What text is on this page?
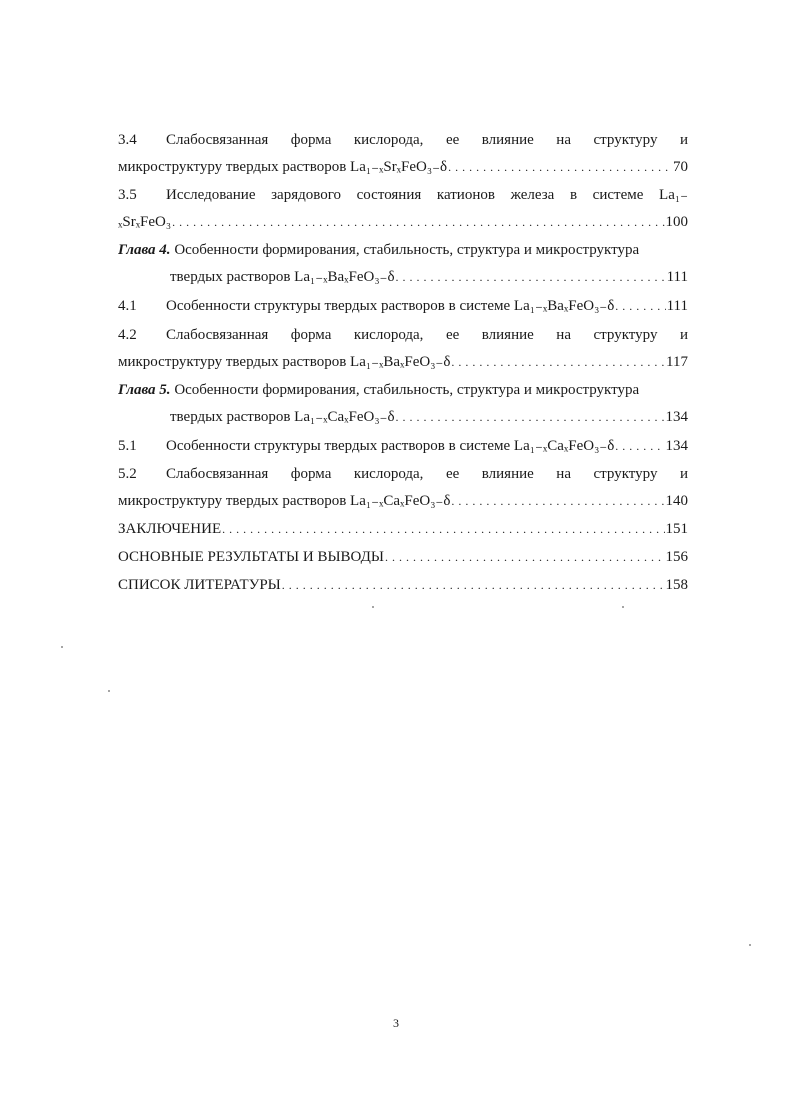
3.4 Слабосвязанная форма кислорода, ее влияние на структуру и
микроструктуру твердых растворов La₁₋ₓSrₓFeO₃₋δ . . .	70
3.5 Исследование зарядового состояния катионов железа в системе La₁₋
ₓSrₓFeO₃ . . .	100
Глава 4. Особенности формирования, стабильность, структура и микроструктура
твердых растворов La₁₋ₓBaₓFeO₃₋δ . . .	111
4.1 Особенности структуры твердых растворов в системе La₁₋ₓBaₓFeO₃₋δ . . .	111
4.2 Слабосвязанная форма кислорода, ее влияние на структуру и
микроструктуру твердых растворов La₁₋ₓBaₓFeO₃₋δ . . .	117
Глава 5. Особенности формирования, стабильность, структура и микроструктура
твердых растворов La₁₋ₓCaₓFeO₃₋δ . . .	134
5.1 Особенности структуры твердых растворов в системе La₁₋ₓCaₓFeO₃₋δ . . .	134
5.2 Слабосвязанная форма кислорода, ее влияние на структуру и
микроструктуру твердых растворов La₁₋ₓCaₓFeO₃₋δ . . .	140
ЗАКЛЮЧЕНИЕ . . .	151
ОСНОВНЫЕ РЕЗУЛЬТАТЫ И ВЫВОДЫ . . .	156
СПИСОК ЛИТЕРАТУРЫ . . .	158
3
